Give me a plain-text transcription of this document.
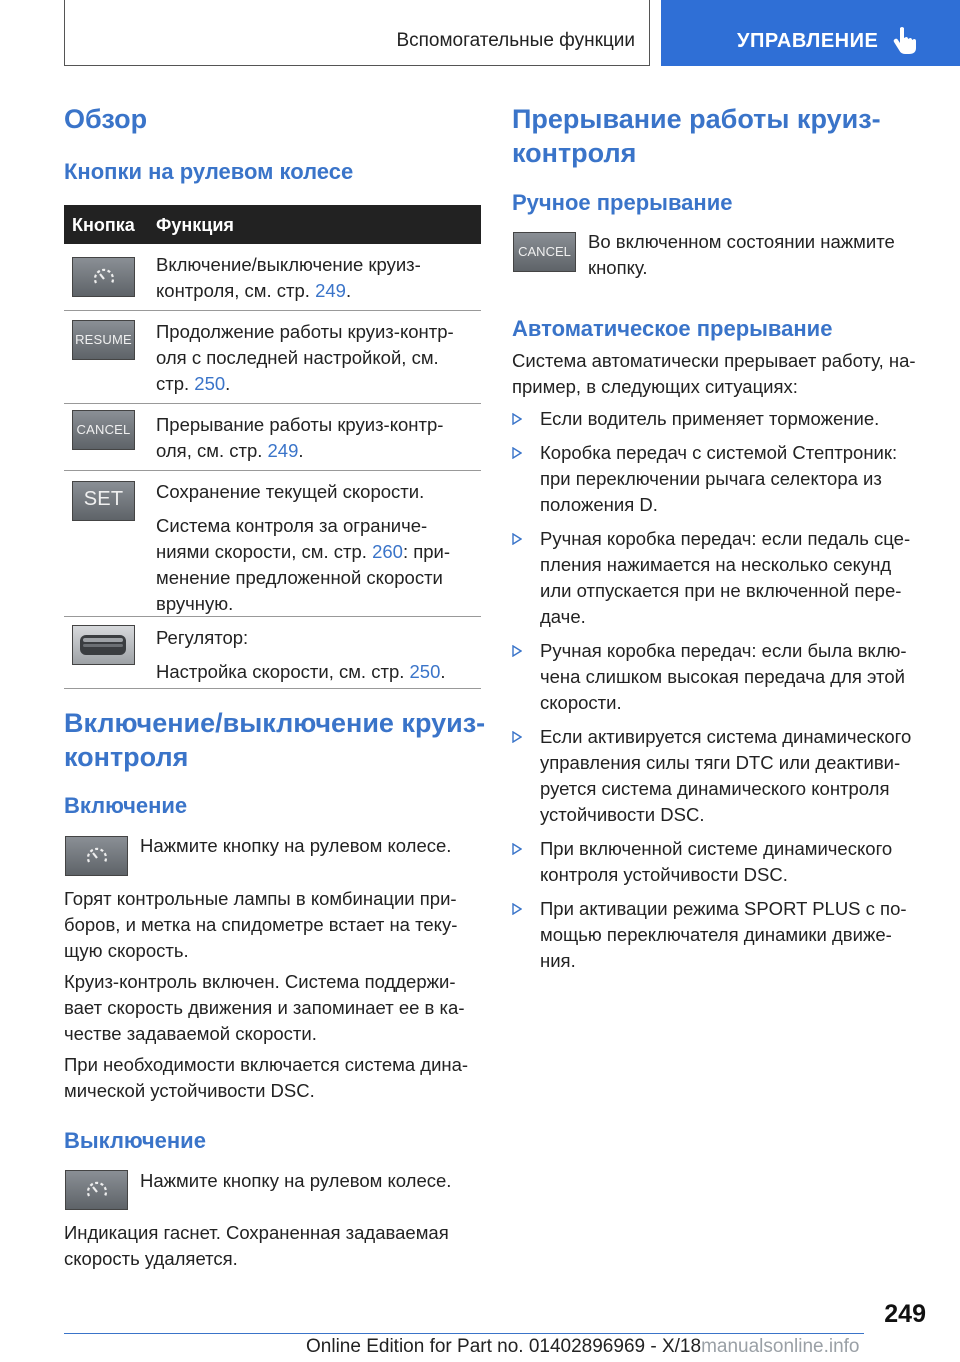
Вспомогательные функции	УПРАВЛЕНИЕ
Обзор
Кнопки на рулевом колесе
Кнопка Функция
Включение/выключение круиз-
контроля, см. стр. 249.
RESUME Продолжение работы круиз-контр-
оля с последней настройкой, см.
стр. 250.
CANCEL Прерывание работы круиз-контр-
оля, см. стр. 249.
SET	Сохранение текущей скорости.
Система контроля за ограниче-
ниями скорости, см. стр. 260: при-
менение предложенной скорости
вручную.
Регулятор:
Настройка скорости, см. стр. 250.
Включение/выключение круиз-
контроля
Включение
Нажмите кнопку на рулевом колесе.
Горят контрольные лампы в комбинации при-
боров, и метка на спидометре встает на теку-
щую скорость.
Круиз-контроль включен. Система поддержи-
вает скорость движения и запоминает ее в ка-
честве задаваемой скорости.
При необходимости включается система дина-
мической устойчивости DSC.
Выключение
Нажмите кнопку на рулевом колесе.
Индикация гаснет. Сохраненная задаваемая
скорость удаляется.
Прерывание работы круиз-
контроля
Ручное прерывание
CANCEL Во включенном состоянии нажмите
кнопку.
Автоматическое прерывание
Система автоматически прерывает работу, на-
пример, в следующих ситуациях:
Если водитель применяет торможение.
Коробка передач с системой Стептроник:
при переключении рычага селектора из
положения D.
Ручная коробка передач: если педаль сце-
пления нажимается на несколько секунд
или отпускается при не включенной пере-
даче.
Ручная коробка передач: если была вклю-
чена слишком высокая передача для этой
скорости.
Если активируется система динамического
управления силы тяги DTC или деактиви-
руется система динамического контроля
устойчивости DSC.
При включенной системе динамического
контроля устойчивости DSC.
При активации режима SPORT PLUS с по-
мощью переключателя динамики движе-
ния.
249
Online Edition for Part no. 01402896969 - X/18manualsonline.info
